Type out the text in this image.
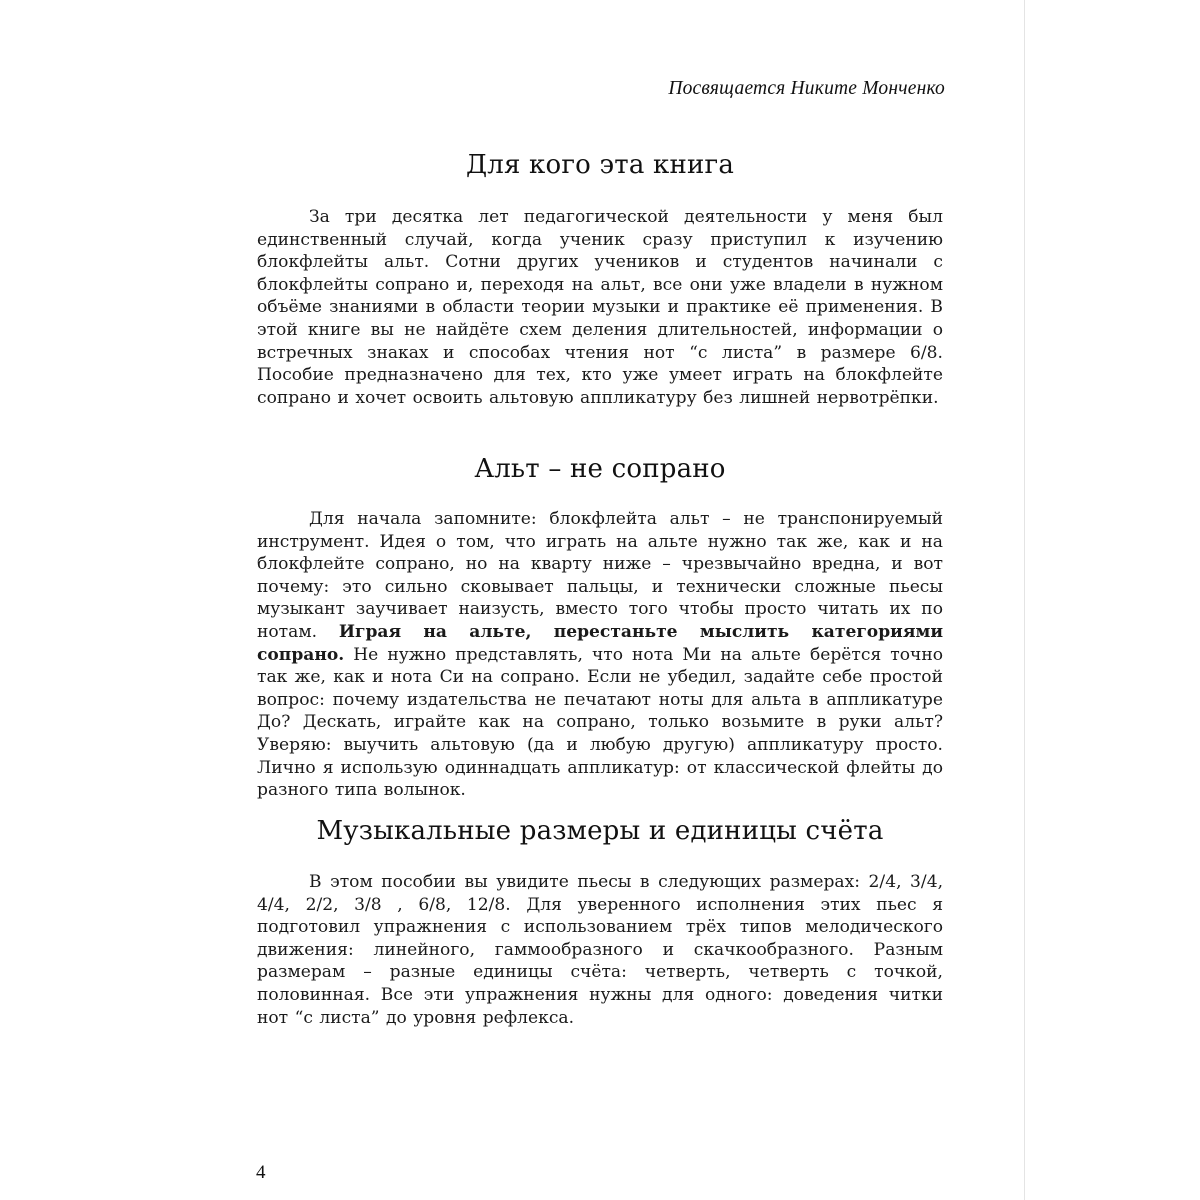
Посвящается Никите Монченко
Для кого эта книга

За три десятка лет педагогической деятельности у меня был единственный случай, когда ученик сразу приступил к изучению блокфлейты альт. Сотни других учеников и студентов начинали с блокфлейты сопрано и, переходя на альт, все они уже владели в нужном объёме знаниями в области теории музыки и практике её применения. В этой книге вы не найдёте схем деления длительностей, информации о встречных знаках и способах чтения нот “с листа” в размере 6/8. Пособие предназначено для тех, кто уже умеет играть на блокфлейте сопрано и хочет освоить альтовую аппликатуру без лишней нервотрёпки.

Альт – не сопрано

Для начала запомните: блокфлейта альт – не транспонируемый инструмент. Идея о том, что играть на альте нужно так же, как и на блокфлейте сопрано, но на кварту ниже – чрезвычайно вредна, и вот почему: это сильно сковывает пальцы, и технически сложные пьесы музыкант заучивает наизусть, вместо того чтобы просто читать их по нотам. Играя на альте, перестаньте мыслить категориями сопрано. Не нужно представлять, что нота Ми на альте берётся точно так же, как и нота Си на сопрано. Если не убедил, задайте себе простой вопрос: почему издательства не печатают ноты для альта в аппликатуре До? Дескать, играйте как на сопрано, только возьмите в руки альт? Уверяю: выучить альтовую (да и любую другую) аппликатуру просто. Лично я использую одиннадцать аппликатур: от классической флейты до разного типа волынок.

Музыкальные размеры и единицы счёта

В этом пособии вы увидите пьесы в следующих размерах: 2/4, 3/4, 4/4, 2/2, 3/8 , 6/8, 12/8. Для уверенного исполнения этих пьес я подготовил упражнения с использованием трёх типов мелодического движения: линейного, гаммообразного и скачкообразного. Разным размерам – разные единицы счёта: четверть, четверть с точкой, половинная. Все эти упражнения нужны для одного: доведения читки нот “с листа” до уровня рефлекса.

4
